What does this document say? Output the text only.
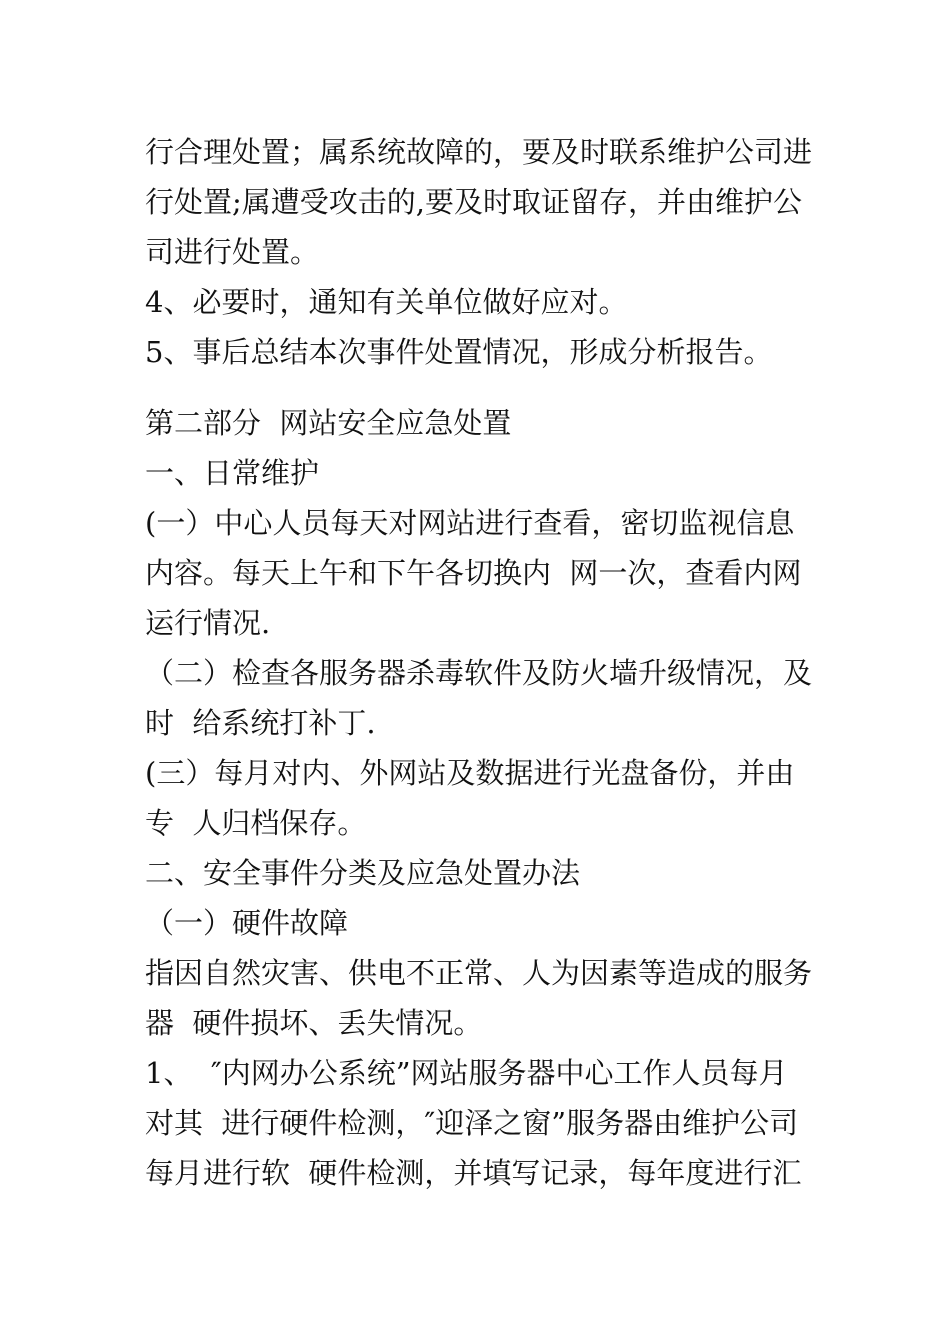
行合理处置；属系统故障的，要及时联系维护公司进
行处置;属遭受攻击的,要及时取证留存，并由维护公
司进行处置。
4、必要时，通知有关单位做好应对。
5、事后总结本次事件处置情况，形成分析报告。
第二部分  网站安全应急处置
一、日常维护
(一）中心人员每天对网站进行查看，密切监视信息
内容。每天上午和下午各切换内  网一次，查看内网
运行情况.
（二）检查各服务器杀毒软件及防火墙升级情况，及
时  给系统打补丁.
(三）每月对内、外网站及数据进行光盘备份，并由
专  人归档保存。
二、安全事件分类及应急处置办法
（一）硬件故障
指因自然灾害、供电不正常、人为因素等造成的服务
器  硬件损坏、丢失情况。
1、  ″内网办公系统”网站服务器中心工作人员每月
对其  进行硬件检测，″迎泽之窗”服务器由维护公司
每月进行软  硬件检测，并填写记录，每年度进行汇
